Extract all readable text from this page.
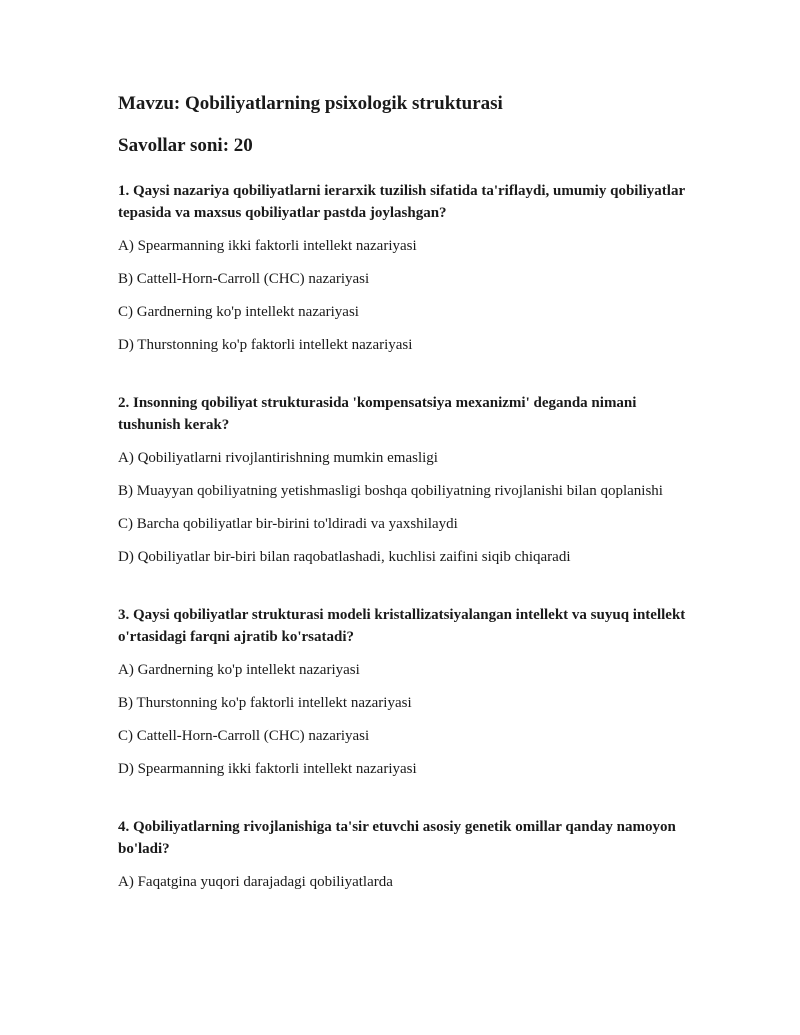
Mavzu: Qobiliyatlarning psixologik strukturasi

Savollar soni: 20

1. Qaysi nazariya qobiliyatlarni ierarxik tuzilish sifatida ta'riflaydi, umumiy qobiliyatlar tepasida va maxsus qobiliyatlar pastda joylashgan?

A) Spearmanning ikki faktorli intellekt nazariyasi

B) Cattell-Horn-Carroll (CHC) nazariyasi

C) Gardnerning ko'p intellekt nazariyasi

D) Thurstonning ko'p faktorli intellekt nazariyasi

2. Insonning qobiliyat strukturasida 'kompensatsiya mexanizmi' deganda nimani tushunish kerak?

A) Qobiliyatlarni rivojlantirishning mumkin emasligi

B) Muayyan qobiliyatning yetishmasligi boshqa qobiliyatning rivojlanishi bilan qoplanishi

C) Barcha qobiliyatlar bir-birini to'ldiradi va yaxshilaydi

D) Qobiliyatlar bir-biri bilan raqobatlashadi, kuchlisi zaifini siqib chiqaradi

3. Qaysi qobiliyatlar strukturasi modeli kristallizatsiyalangan intellekt va suyuq intellekt o'rtasidagi farqni ajratib ko'rsatadi?

A) Gardnerning ko'p intellekt nazariyasi

B) Thurstonning ko'p faktorli intellekt nazariyasi

C) Cattell-Horn-Carroll (CHC) nazariyasi

D) Spearmanning ikki faktorli intellekt nazariyasi

4. Qobiliyatlarning rivojlanishiga ta'sir etuvchi asosiy genetik omillar qanday namoyon bo'ladi?

A) Faqatgina yuqori darajadagi qobiliyatlarda
